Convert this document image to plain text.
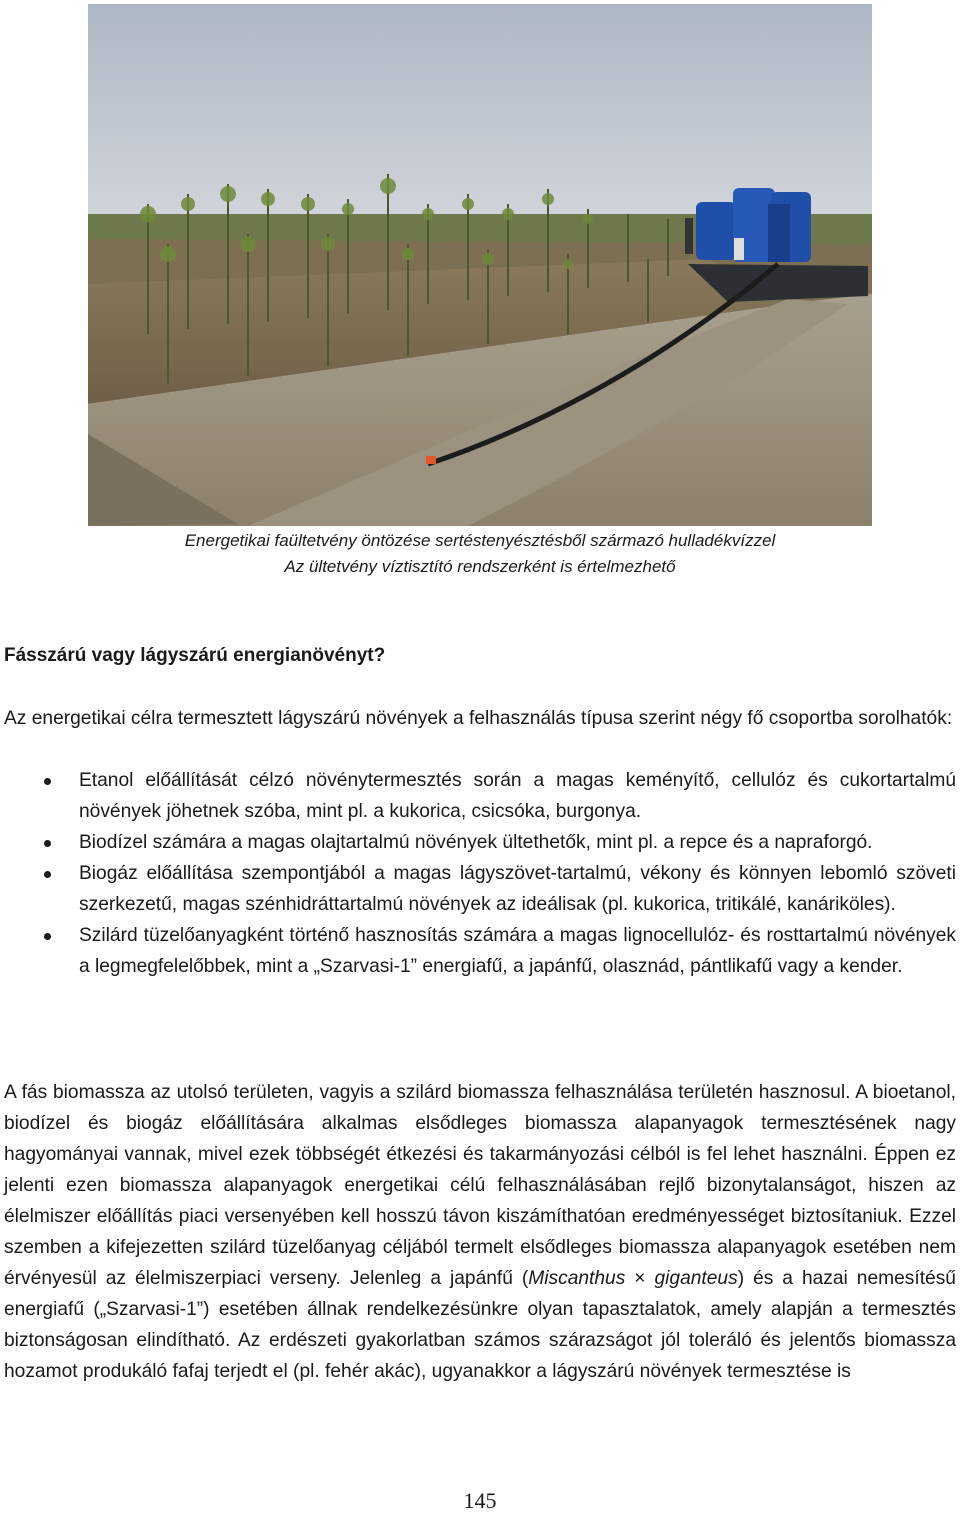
Energetikai faültetvény öntözése sertéstenyésztésből származó hulladékvízzel
Az ültetvény víztisztító rendszerként is értelmezhető
Fásszárú vagy lágyszárú energianövényt?
Az energetikai célra termesztett lágyszárú növények a felhasználás típusa szerint négy fő csoportba sorolhatók:
Etanol előállítását célzó növénytermesztés során a magas keményítő, cellulóz és cukortartalmú növények jöhetnek szóba, mint pl. a kukorica, csicsóka, burgonya.
Biodízel számára a magas olajtartalmú növények ültethetők, mint pl. a repce és a napraforgó.
Biogáz előállítása szempontjából a magas lágyszövet-tartalmú, vékony és könnyen lebomló szöveti szerkezetű, magas szénhidráttartalmú növények az ideálisak (pl. kukorica, tritikálé, kanáriköles).
Szilárd tüzelőanyagként történő hasznosítás számára a magas lignocellulóz- és rosttartalmú növények a legmegfelelőbbek, mint a „Szarvasi-1” energiafű, a japánfű, olasznád, pántlikafű vagy a kender.
A fás biomassza az utolsó területen, vagyis a szilárd biomassza felhasználása területén hasznosul. A bioetanol, biodízel és biogáz előállítására alkalmas elsődleges biomassza alapanyagok termesztésének nagy hagyományai vannak, mivel ezek többségét étkezési és takarmányozási célból is fel lehet használni. Éppen ez jelenti ezen biomassza alapanyagok energetikai célú felhasználásában rejlő bizonytalanságot, hiszen az élelmiszer előállítás piaci versenyében kell hosszú távon kiszámíthatóan eredményességet biztosítaniuk. Ezzel szemben a kifejezetten szilárd tüzelőanyag céljából termelt elsődleges biomassza alapanyagok esetében nem érvényesül az élelmiszerpiaci verseny. Jelenleg a japánfű (Miscanthus × giganteus) és a hazai nemesítésű energiafű („Szarvasi-1”) esetében állnak rendelkezésünkre olyan tapasztalatok, amely alapján a termesztés biztonságosan elindítható. Az erdészeti gyakorlatban számos szárazságot jól toleráló és jelentős biomassza hozamot produkáló fafaj terjedt el (pl. fehér akác), ugyanakkor a lágyszárú növények termesztése is
145
